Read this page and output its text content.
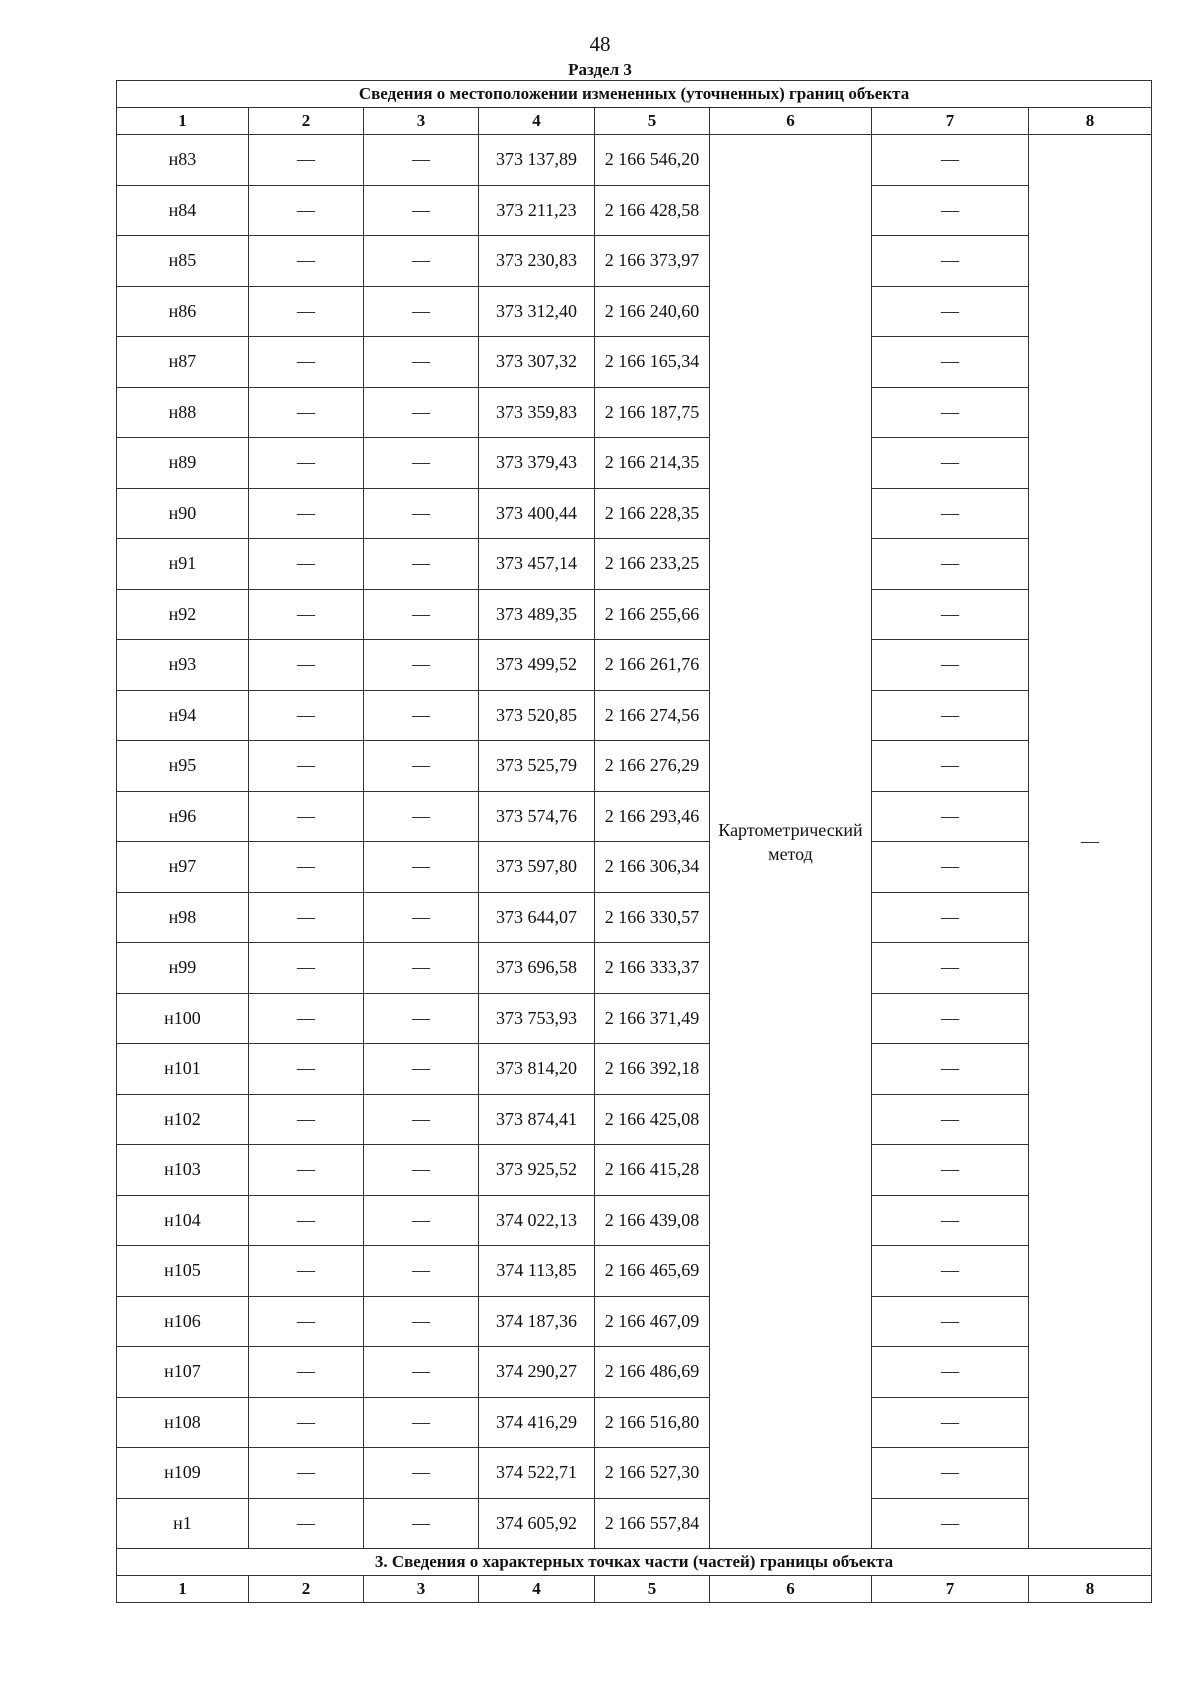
48
Раздел 3
Сведения о местоположении измененных (уточненных) границ объекта							
1	2	3	4	5	6	7	8
н83	—	—	373 137,89	2 166 546,20	Картометрический метод	—	—
н84	—	—	373 211,23	2 166 428,58		—	
н85	—	—	373 230,83	2 166 373,97		—	
н86	—	—	373 312,40	2 166 240,60		—	
н87	—	—	373 307,32	2 166 165,34		—	
н88	—	—	373 359,83	2 166 187,75		—	
н89	—	—	373 379,43	2 166 214,35		—	
н90	—	—	373 400,44	2 166 228,35		—	
н91	—	—	373 457,14	2 166 233,25		—	
н92	—	—	373 489,35	2 166 255,66		—	
н93	—	—	373 499,52	2 166 261,76		—	
н94	—	—	373 520,85	2 166 274,56		—	
н95	—	—	373 525,79	2 166 276,29		—	
н96	—	—	373 574,76	2 166 293,46		—	
н97	—	—	373 597,80	2 166 306,34		—	
н98	—	—	373 644,07	2 166 330,57		—	
н99	—	—	373 696,58	2 166 333,37		—	
н100	—	—	373 753,93	2 166 371,49		—	
н101	—	—	373 814,20	2 166 392,18		—	
н102	—	—	373 874,41	2 166 425,08		—	
н103	—	—	373 925,52	2 166 415,28		—	
н104	—	—	374 022,13	2 166 439,08		—	
н105	—	—	374 113,85	2 166 465,69		—	
н106	—	—	374 187,36	2 166 467,09		—	
н107	—	—	374 290,27	2 166 486,69		—	
н108	—	—	374 416,29	2 166 516,80		—	
н109	—	—	374 522,71	2 166 527,30		—	
н1	—	—	374 605,92	2 166 557,84		—	
3. Сведения о характерных точках части (частей) границы объекта							
1	2	3	4	5	6	7	8
